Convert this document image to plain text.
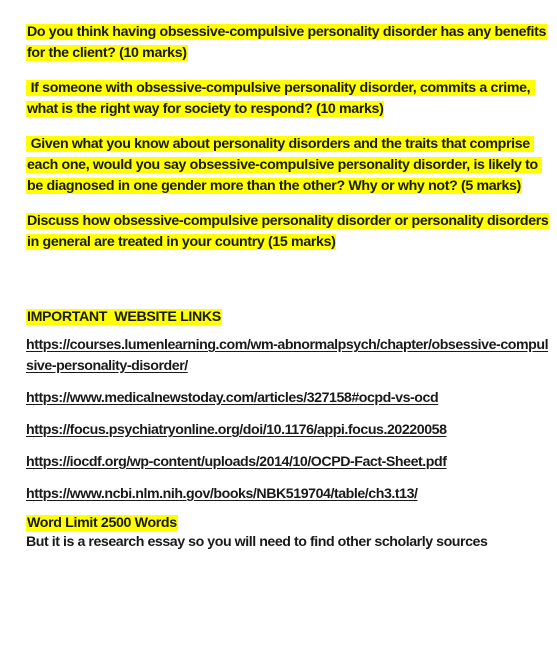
Do you think having obsessive-compulsive personality disorder has any benefits for the client? (10 marks)

If someone with obsessive-compulsive personality disorder, commits a crime, what is the right way for society to respond? (10 marks)

Given what you know about personality disorders and the traits that comprise each one, would you say obsessive-compulsive personality disorder, is likely to be diagnosed in one gender more than the other? Why or why not? (5 marks)

Discuss how obsessive-compulsive personality disorder or personality disorders in general are treated in your country (15 marks)

IMPORTANT  WEBSITE LINKS
https://courses.lumenlearning.com/wm-abnormalpsych/chapter/obsessive-compulsive-personality-disorder/
https://www.medicalnewstoday.com/articles/327158#ocpd-vs-ocd
https://focus.psychiatryonline.org/doi/10.1176/appi.focus.20220058
https://iocdf.org/wp-content/uploads/2014/10/OCPD-Fact-Sheet.pdf
https://www.ncbi.nlm.nih.gov/books/NBK519704/table/ch3.t13/
Word Limit 2500 Words
But it is a research essay so you will need to find other scholarly sources
